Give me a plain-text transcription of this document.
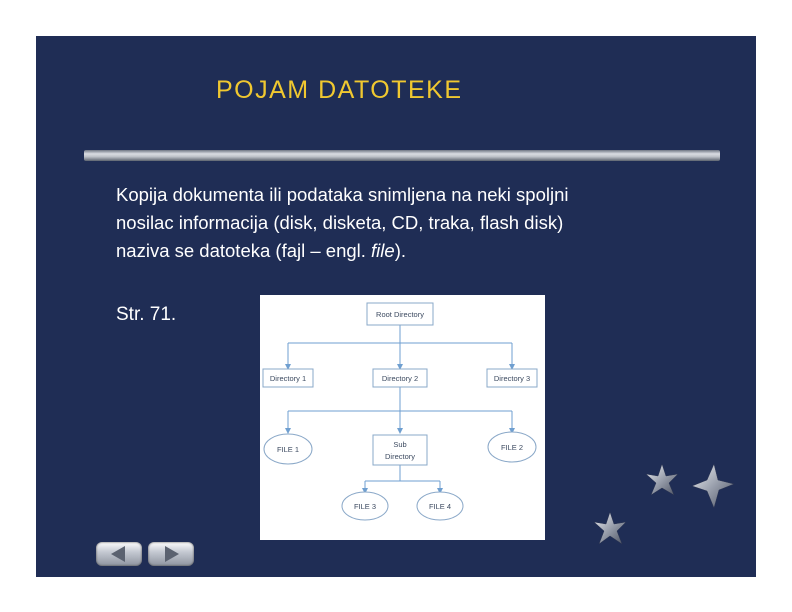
POJAM DATOTEKE
Kopija dokumenta ili podataka snimljena na neki spoljni
nosilac informacija (disk, disketa, CD, traka, flash disk)
naziva se datoteka (fajl – engl. file).
Str. 71.	Root Directory
Directory 1	Directory 2	Directory 3
FILE 1
Sub
Directory
FILE 2
FILE 3	FILE 4
